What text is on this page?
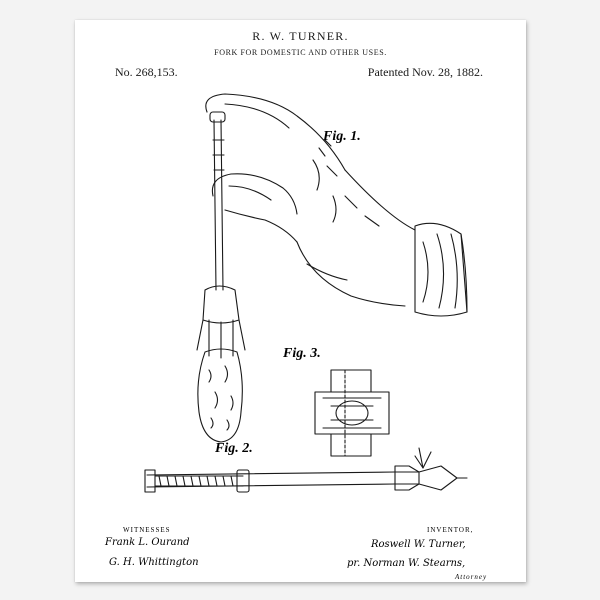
R. W. TURNER.
FORK FOR DOMESTIC AND OTHER USES.
No. 268,153.	Patented Nov. 28, 1882.
Fig. 1.
Fig. 3.
Fig. 2.
WITNESSES
Frank L. Ourand
G. H. Whittington
INVENTOR,
Roswell W. Turner,
pr. Norman W. Stearns,
Attorney
